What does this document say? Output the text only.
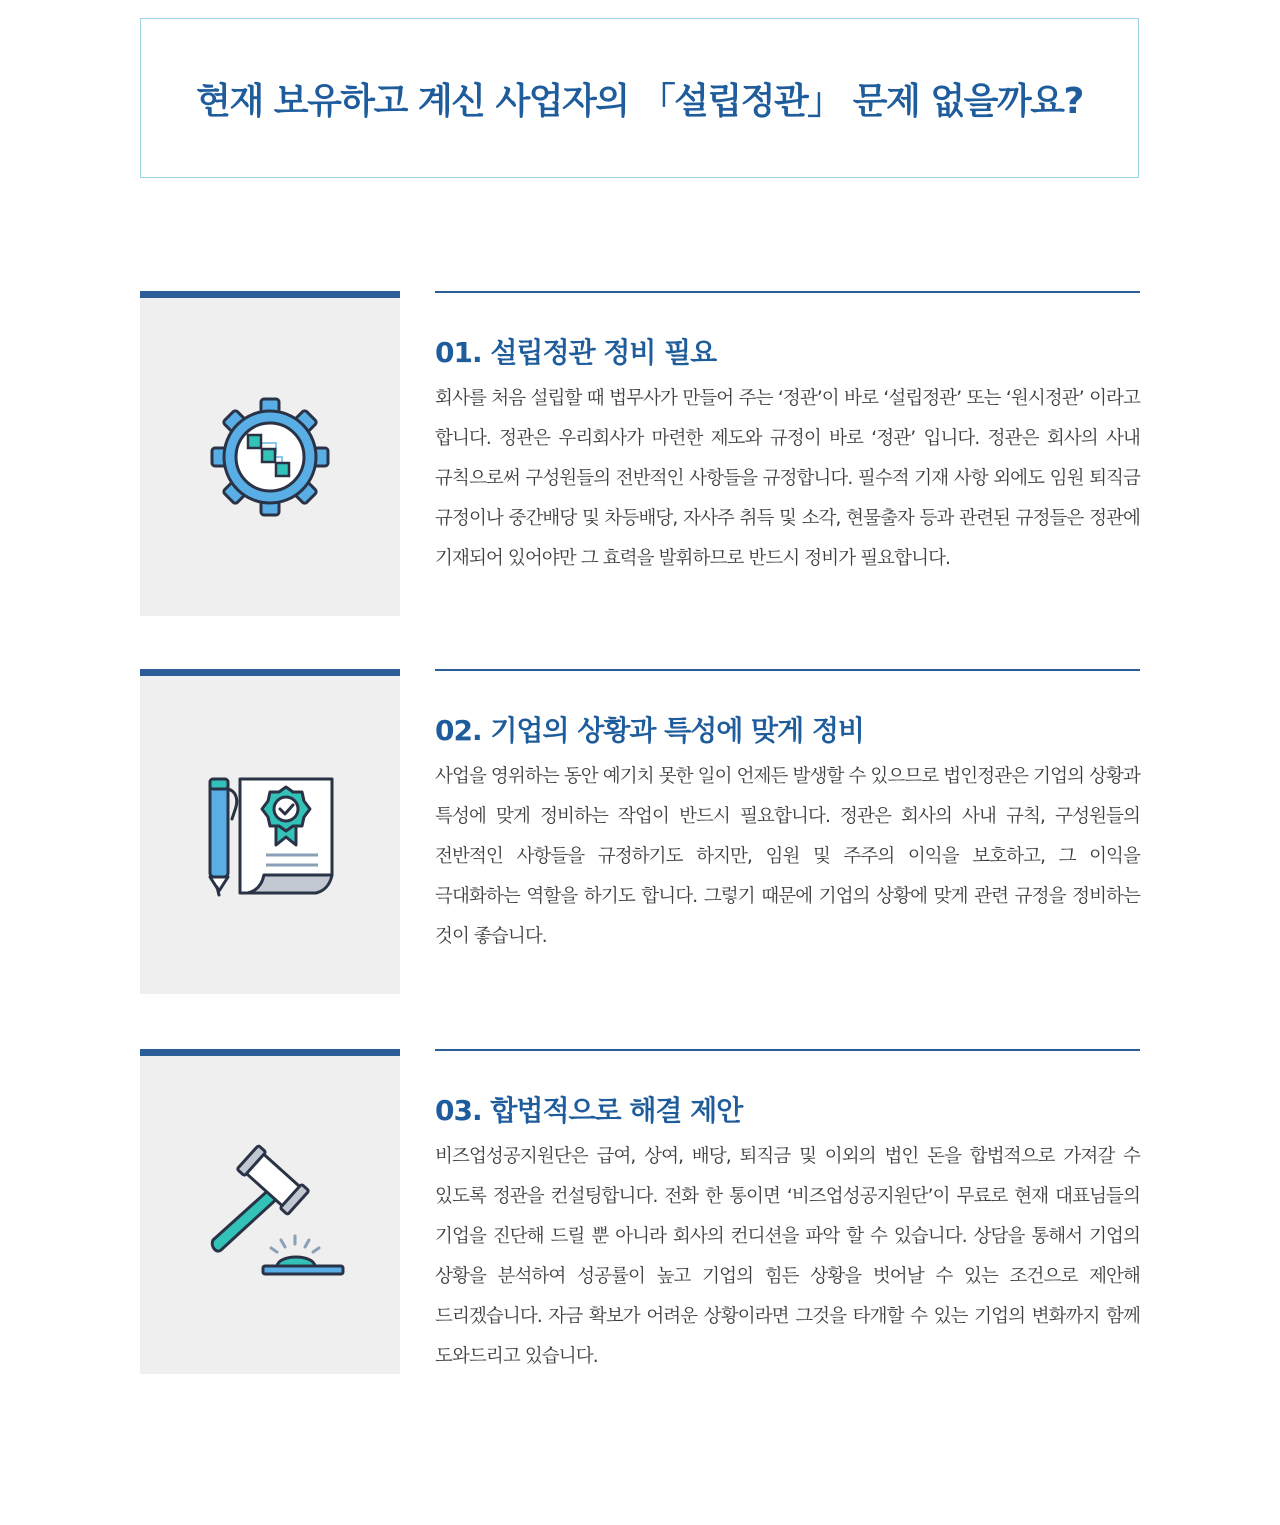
현재 보유하고 계신 사업자의 「설립정관」 문제 없을까요?
01. 설립정관 정비 필요

회사를 처음 설립할 때 법무사가 만들어 주는 ‘정관’이 바로 ‘설립정관’ 또는 ‘원시정관’ 이라고 합니다. 정관은 우리회사가 마련한 제도와 규정이 바로 ‘정관’ 입니다. 정관은 회사의 사내 규칙으로써 구성원들의 전반적인 사항들을 규정합니다. 필수적 기재 사항 외에도 임원 퇴직금 규정이나 중간배당 및 차등배당, 자사주 취득 및 소각, 현물출자 등과 관련된 규정들은 정관에 기재되어 있어야만 그 효력을 발휘하므로 반드시 정비가 필요합니다.

02. 기업의 상황과 특성에 맞게 정비

사업을 영위하는 동안 예기치 못한 일이 언제든 발생할 수 있으므로 법인정관은 기업의 상황과 특성에 맞게 정비하는 작업이 반드시 필요합니다. 정관은 회사의 사내 규칙, 구성원들의 전반적인 사항들을 규정하기도 하지만, 임원 및 주주의 이익을 보호하고, 그 이익을 극대화하는 역할을 하기도 합니다. 그렇기 때문에 기업의 상황에 맞게 관련 규정을 정비하는 것이 좋습니다.

03. 합법적으로 해결 제안

비즈업성공지원단은 급여, 상여, 배당, 퇴직금 및 이외의 법인 돈을 합법적으로 가져갈 수 있도록 정관을 컨설팅합니다. 전화 한 통이면 ‘비즈업성공지원단’이 무료로 현재 대표님들의 기업을 진단해 드릴 뿐 아니라 회사의 컨디션을 파악 할 수 있습니다. 상담을 통해서 기업의 상황을 분석하여 성공률이 높고 기업의 힘든 상황을 벗어날 수 있는 조건으로 제안해 드리겠습니다. 자금 확보가 어려운 상황이라면 그것을 타개할 수 있는 기업의 변화까지 함께 도와드리고 있습니다.
